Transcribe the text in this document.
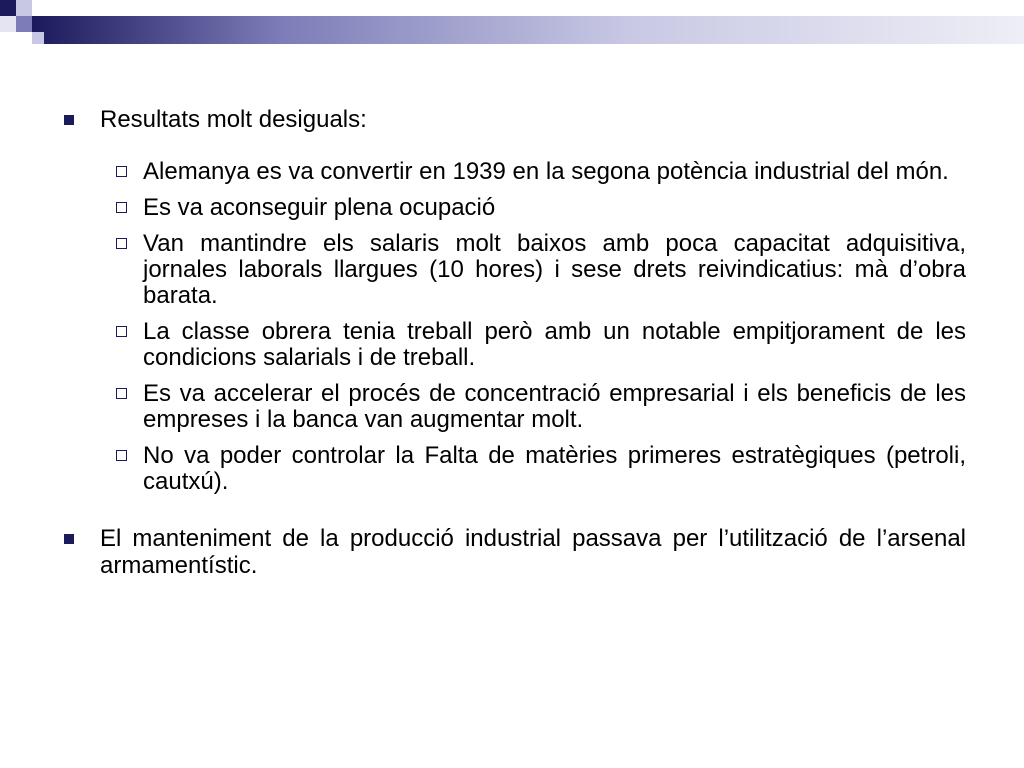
Resultats molt desiguals:
Alemanya es va convertir en 1939 en la segona potència industrial del món.
Es va aconseguir plena ocupació
Van mantindre els salaris molt baixos amb poca capacitat adquisitiva, jornales laborals llargues (10 hores) i sese drets reivindicatius: mà d’obra barata.
La classe obrera tenia treball però amb un notable empitjorament de les condicions salarials i de treball.
Es va accelerar el procés de concentració empresarial i els beneficis de les empreses i la banca van augmentar molt.
No va poder controlar la Falta de matèries primeres estratègiques (petroli, cautxú).
El manteniment de la producció industrial passava per l’utilització de l’arsenal armamentístic.
